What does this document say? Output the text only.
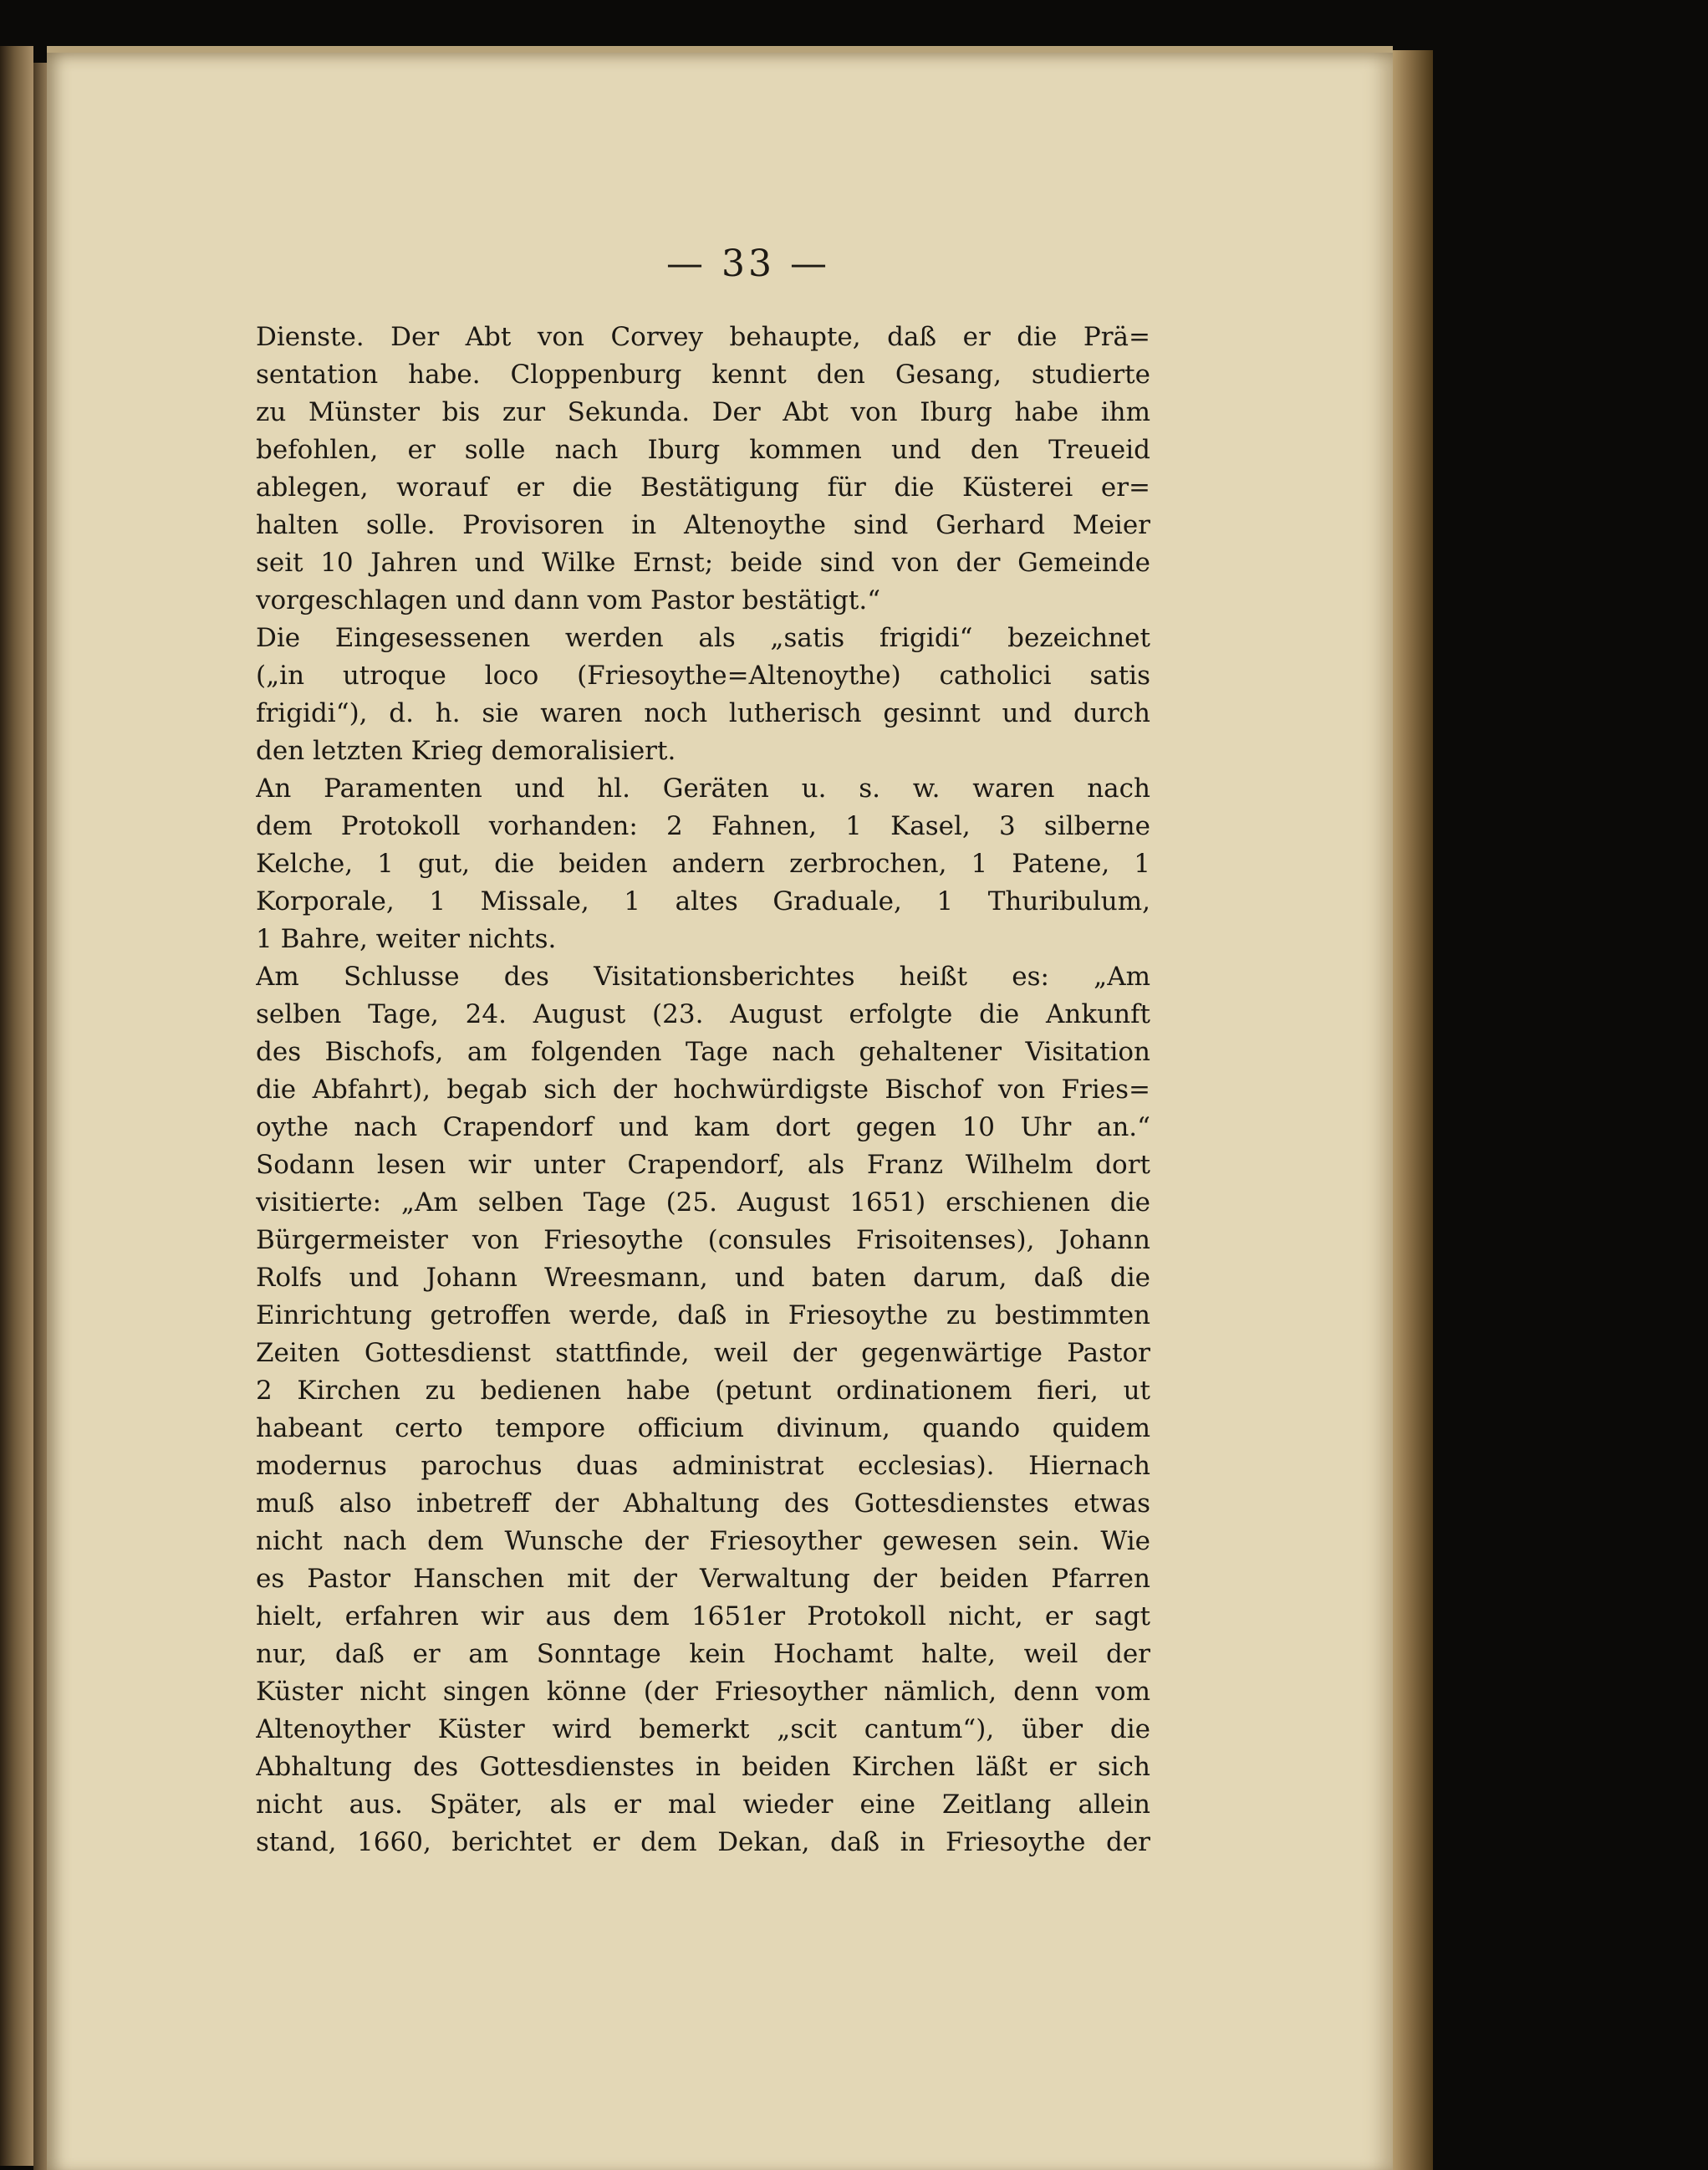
— 33 —
Dienste. Der Abt von Corvey behaupte, daß er die Prä=
sentation habe. Cloppenburg kennt den Gesang, studierte
zu Münster bis zur Sekunda. Der Abt von Iburg habe ihm
befohlen, er solle nach Iburg kommen und den Treueid
ablegen, worauf er die Bestätigung für die Küsterei er=
halten solle. Provisoren in Altenoythe sind Gerhard Meier
seit 10 Jahren und Wilke Ernst; beide sind von der Gemeinde
vorgeschlagen und dann vom Pastor bestätigt.“
Die Eingesessenen werden als „satis frigidi“ bezeichnet
(„in utroque loco (Friesoythe=Altenoythe) catholici satis
frigidi“), d. h. sie waren noch lutherisch gesinnt und durch
den letzten Krieg demoralisiert.
An Paramenten und hl. Geräten u. s. w. waren nach
dem Protokoll vorhanden: 2 Fahnen, 1 Kasel, 3 silberne
Kelche, 1 gut, die beiden andern zerbrochen, 1 Patene, 1
Korporale, 1 Missale, 1 altes Graduale, 1 Thuribulum,
1 Bahre, weiter nichts.
Am Schlusse des Visitationsberichtes heißt es: „Am
selben Tage, 24. August (23. August erfolgte die Ankunft
des Bischofs, am folgenden Tage nach gehaltener Visitation
die Abfahrt), begab sich der hochwürdigste Bischof von Fries=
oythe nach Crapendorf und kam dort gegen 10 Uhr an.“
Sodann lesen wir unter Crapendorf, als Franz Wilhelm dort
visitierte: „Am selben Tage (25. August 1651) erschienen die
Bürgermeister von Friesoythe (consules Frisoitenses), Johann
Rolfs und Johann Wreesmann, und baten darum, daß die
Einrichtung getroffen werde, daß in Friesoythe zu bestimmten
Zeiten Gottesdienst stattfinde, weil der gegenwärtige Pastor
2 Kirchen zu bedienen habe (petunt ordinationem fieri, ut
habeant certo tempore officium divinum, quando quidem
modernus parochus duas administrat ecclesias). Hiernach
muß also inbetreff der Abhaltung des Gottesdienstes etwas
nicht nach dem Wunsche der Friesoyther gewesen sein. Wie
es Pastor Hanschen mit der Verwaltung der beiden Pfarren
hielt, erfahren wir aus dem 1651er Protokoll nicht, er sagt
nur, daß er am Sonntage kein Hochamt halte, weil der
Küster nicht singen könne (der Friesoyther nämlich, denn vom
Altenoyther Küster wird bemerkt „scit cantum“), über die
Abhaltung des Gottesdienstes in beiden Kirchen läßt er sich
nicht aus. Später, als er mal wieder eine Zeitlang allein
stand, 1660, berichtet er dem Dekan, daß in Friesoythe der
